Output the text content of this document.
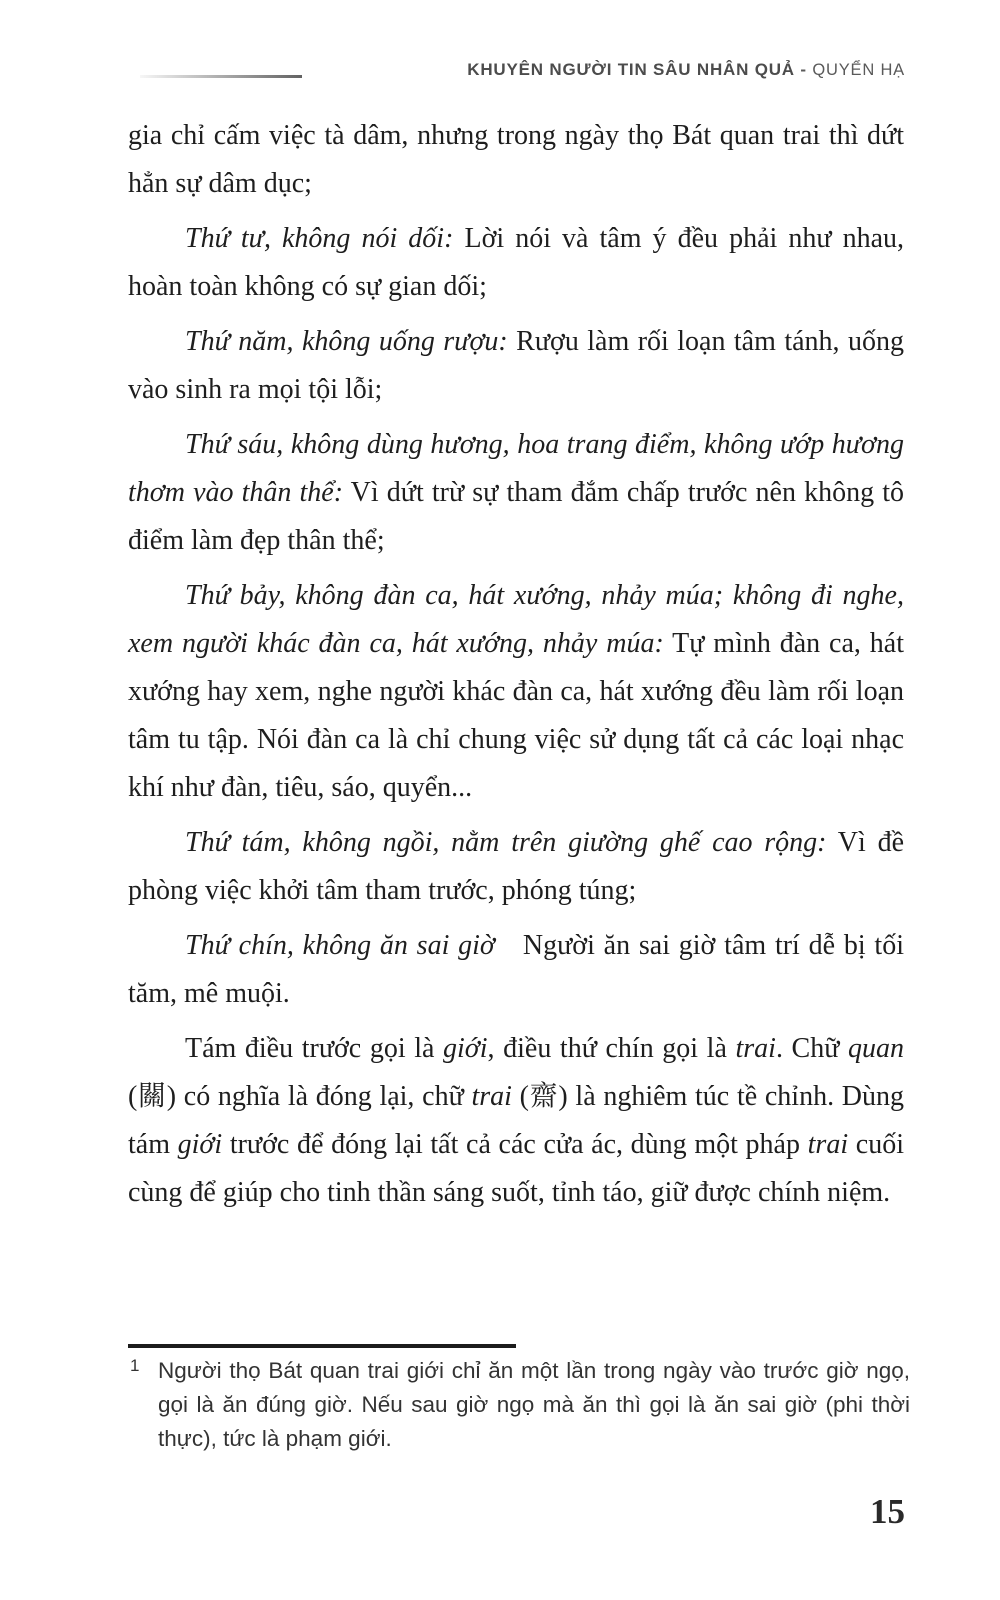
KHUYÊN NGƯỜI TIN SÂU NHÂN QUẢ - QUYỂN HẠ

gia chỉ cấm việc tà dâm, nhưng trong ngày thọ Bát quan trai thì dứt hẳn sự dâm dục;

Thứ tư, không nói dối: Lời nói và tâm ý đều phải như nhau, hoàn toàn không có sự gian dối;

Thứ năm, không uống rượu: Rượu làm rối loạn tâm tánh, uống vào sinh ra mọi tội lỗi;

Thứ sáu, không dùng hương, hoa trang điểm, không ướp hương thơm vào thân thể: Vì dứt trừ sự tham đắm chấp trước nên không tô điểm làm đẹp thân thể;

Thứ bảy, không đàn ca, hát xướng, nhảy múa; không đi nghe, xem người khác đàn ca, hát xướng, nhảy múa: Tự mình đàn ca, hát xướng hay xem, nghe người khác đàn ca, hát xướng đều làm rối loạn tâm tu tập. Nói đàn ca là chỉ chung việc sử dụng tất cả các loại nhạc khí như đàn, tiêu, sáo, quyển...

Thứ tám, không ngồi, nằm trên giường ghế cao rộng: Vì đề phòng việc khởi tâm tham trước, phóng túng;

Thứ chín, không ăn sai giờ Người ăn sai giờ tâm trí dễ bị tối tăm, mê muội.

Tám điều trước gọi là giới, điều thứ chín gọi là trai. Chữ quan (關) có nghĩa là đóng lại, chữ trai (齋) là nghiêm túc tề chỉnh. Dùng tám giới trước để đóng lại tất cả các cửa ác, dùng một pháp trai cuối cùng để giúp cho tinh thần sáng suốt, tỉnh táo, giữ được chính niệm.

1 Người thọ Bát quan trai giới chỉ ăn một lần trong ngày vào trước giờ ngọ, gọi là ăn đúng giờ. Nếu sau giờ ngọ mà ăn thì gọi là ăn sai giờ (phi thời thực), tức là phạm giới.
15
